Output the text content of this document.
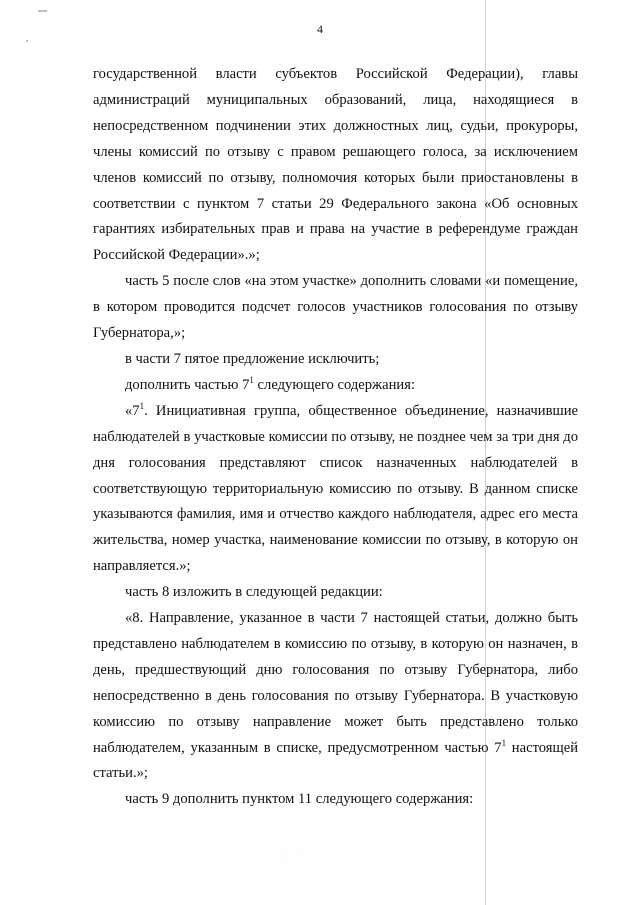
4

государственной власти субъектов Российской Федерации), главы администраций муниципальных образований, лица, находящиеся в непосредственном подчинении этих должностных лиц, судьи, прокуроры, члены комиссий по отзыву с правом решающего голоса, за исключением членов комиссий по отзыву, полномочия которых были приостановлены в соответствии с пунктом 7 статьи 29 Федерального закона «Об основных гарантиях избирательных прав и права на участие в референдуме граждан Российской Федерации».»;

часть 5 после слов «на этом участке» дополнить словами «и помещение, в котором проводится подсчет голосов участников голосования по отзыву Губернатора,»;

в части 7 пятое предложение исключить;

дополнить частью $7^1$ следующего содержания:

«$7^1$. Инициативная группа, общественное объединение, назначившие наблюдателей в участковые комиссии по отзыву, не позднее чем за три дня до дня голосования представляют список назначенных наблюдателей в соответствующую территориальную комиссию по отзыву. В данном списке указываются фамилия, имя и отчество каждого наблюдателя, адрес его места жительства, номер участка, наименование комиссии по отзыву, в которую он направляется.»;

часть 8 изложить в следующей редакции:

«8. Направление, указанное в части 7 настоящей статьи, должно быть представлено наблюдателем в комиссию по отзыву, в которую он назначен, в день, предшествующий дню голосования по отзыву Губернатора, либо непосредственно в день голосования по отзыву Губернатора. В участковую комиссию по отзыву направление может быть представлено только наблюдателем, указанным в списке, предусмотренном частью $7^1$ настоящей статьи.»;

часть 9 дополнить пунктом 11 следующего содержания:

· · ·
